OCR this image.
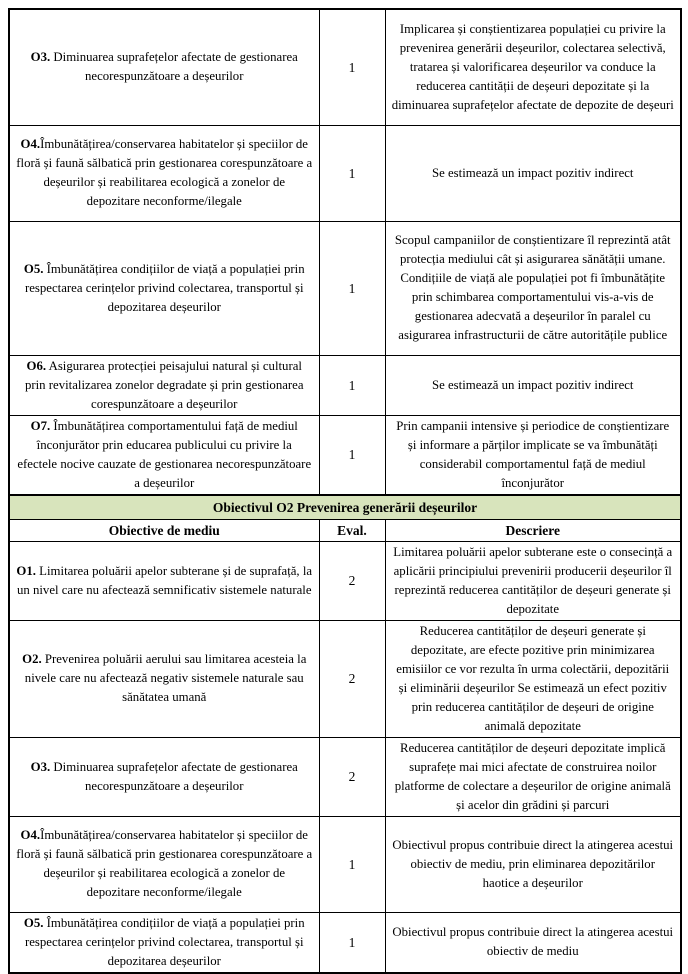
O3. Diminuarea suprafețelor afectate de gestionarea necorespunzătoare a deșeurilor	1	Implicarea și conștientizarea populației cu privire la prevenirea generării deșeurilor, colectarea selectivă, tratarea și valorificarea deșeurilor va conduce la reducerea cantității de deșeuri depozitate și la diminuarea suprafețelor afectate de depozite de deșeuri
O4.Îmbunătățirea/conservarea habitatelor și speciilor de floră și faună sălbatică prin gestionarea corespunzătoare a deșeurilor și reabilitarea ecologică a zonelor de depozitare neconforme/ilegale	1	Se estimează un impact pozitiv indirect
O5. Îmbunătățirea condițiilor de viață a populației prin respectarea cerințelor privind colectarea, transportul și depozitarea deșeurilor	1	Scopul campaniilor de conștientizare îl reprezintă atât protecția mediului cât și asigurarea sănătății umane. Condițiile de viață ale populației pot fi îmbunătățite prin schimbarea comportamentului vis-a-vis de gestionarea adecvată a deșeurilor în paralel cu asigurarea infrastructurii de către autoritățile publice
O6. Asigurarea protecției peisajului natural și cultural prin revitalizarea zonelor degradate și prin gestionarea corespunzătoare a deșeurilor	1	Se estimează un impact pozitiv indirect
O7. Îmbunătățirea comportamentului față de mediul înconjurător prin educarea publicului cu privire la efectele nocive cauzate de gestionarea necorespunzătoare a deșeurilor	1	Prin campanii intensive și periodice de conștientizare și informare a părților implicate se va îmbunătăți considerabil comportamentul față de mediul înconjurător
Obiectivul O2 Prevenirea generării deșeurilor		
Obiective de mediu	Eval.	Descriere
O1. Limitarea poluării apelor subterane și de suprafață, la un nivel care nu afectează semnificativ sistemele naturale	2	Limitarea poluării apelor subterane este o consecință a aplicării principiului prevenirii producerii deșeurilor îl reprezintă reducerea cantităților de deșeuri generate și depozitate
O2. Prevenirea poluării aerului sau limitarea acesteia la nivele care nu afectează negativ sistemele naturale sau sănătatea umană	2	Reducerea cantităților de deșeuri generate și depozitate, are efecte pozitive prin minimizarea emisiilor ce vor rezulta în urma colectării, depozitării și eliminării deșeurilor Se estimează un efect pozitiv prin reducerea cantităților de deșeuri de origine animală depozitate
O3. Diminuarea suprafețelor afectate de gestionarea necorespunzătoare a deșeurilor	2	Reducerea cantităților de deșeuri depozitate implică suprafețe mai mici afectate de construirea noilor platforme de colectare a deșeurilor de origine animală și acelor din grădini și parcuri
O4.Îmbunătățirea/conservarea habitatelor și speciilor de floră și faună sălbatică prin gestionarea corespunzătoare a deșeurilor și reabilitarea ecologică a zonelor de depozitare neconforme/ilegale	1	Obiectivul propus contribuie direct la atingerea acestui obiectiv de mediu, prin eliminarea depozitărilor haotice a deșeurilor
O5. Îmbunătățirea condițiilor de viață a populației prin respectarea cerințelor privind colectarea, transportul și depozitarea deșeurilor	1	Obiectivul propus contribuie direct la atingerea acestui obiectiv de mediu
